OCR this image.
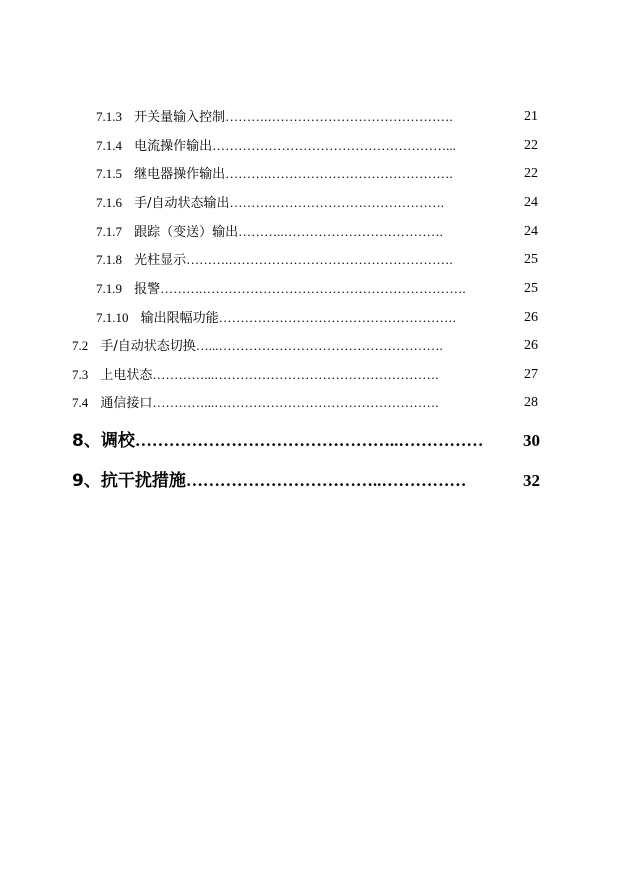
7.1.3 开关量输入控制……….…………………………………….	21
7.1.4 电流操作输出………………………………………………...	22
7.1.5 继电器操作输出……….…………………………………….	22
7.1.6 手/自动状态输出……….………………………………….	24
7.1.7 跟踪（变送）输出………..……………………………….	24
7.1.8 光柱显示……….…………………………………………….	25
7.1.9 报警……….…………………………………………………….	25
7.1.10 输出限幅功能……………………………………………….	26
7.2 手/自动状态切换…...…………………………………………….	26
7.3 上电状态…………...…………………………………………….	27
7.4 通信接口…………...…………………………………………….	28
8、调校………………………………………..……………	30
9、抗干扰措施……………………………..……………	32
